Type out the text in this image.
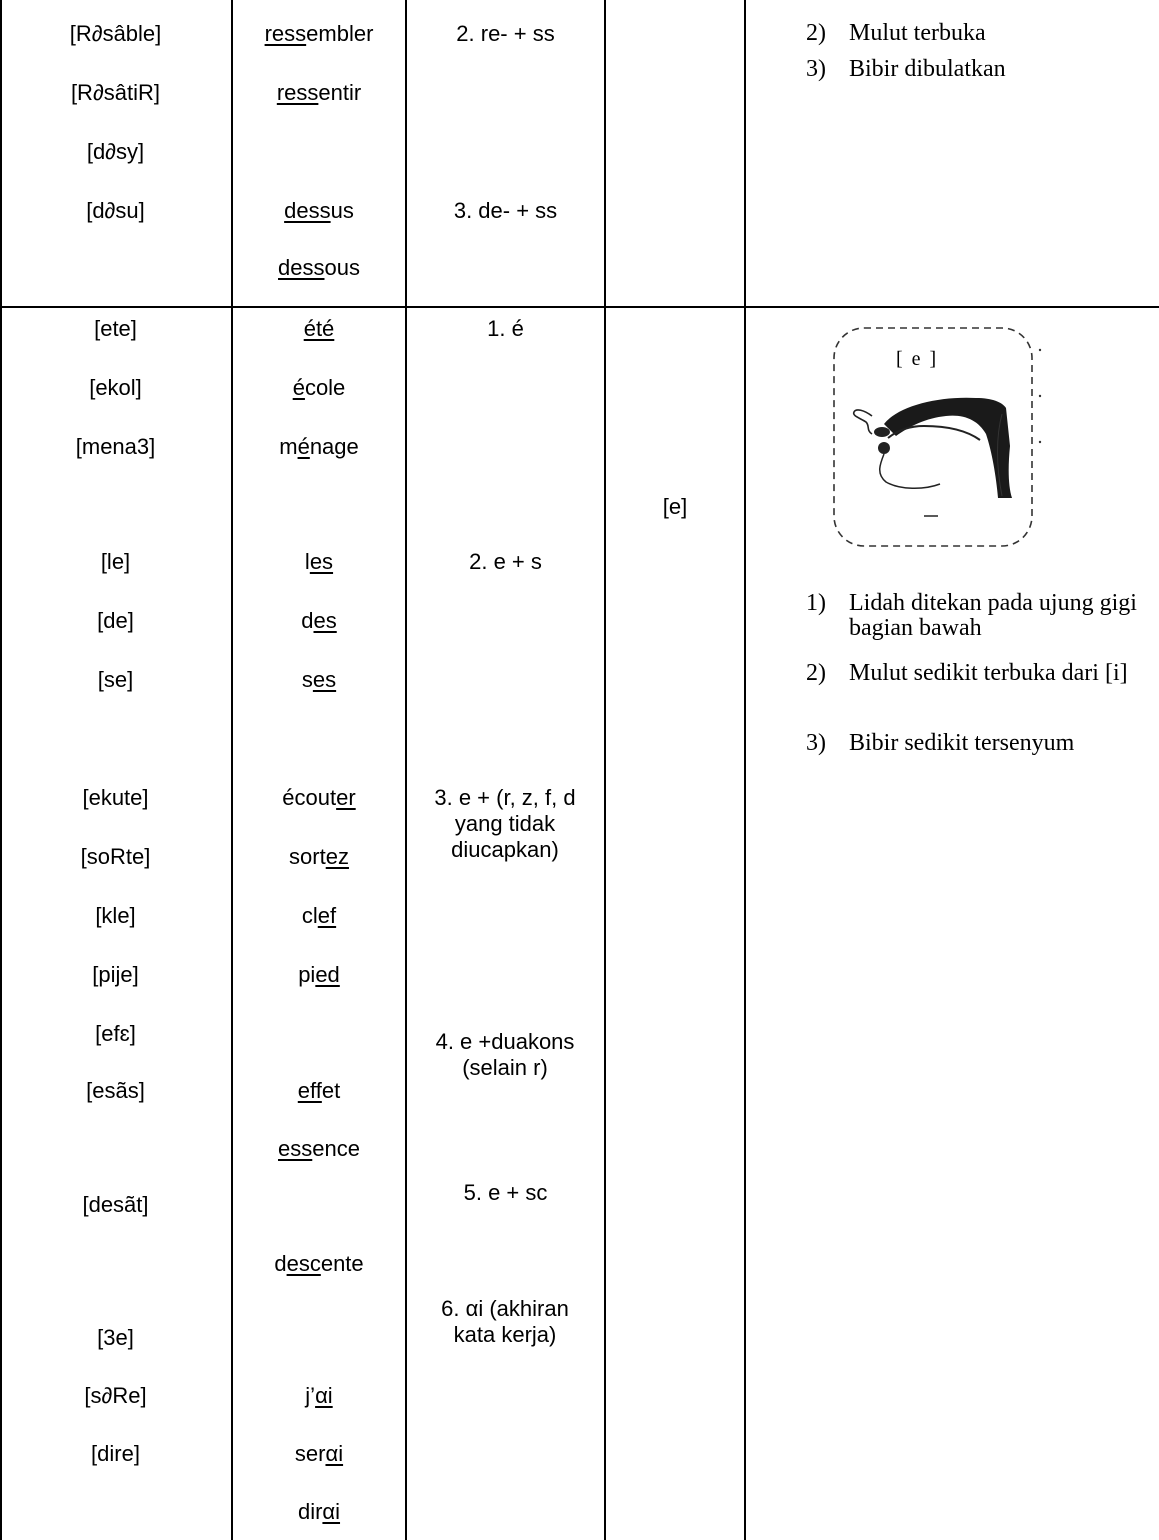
[R∂sâble]
[R∂sâtiR]
[d∂sy]
[d∂su]
ressembler
ressentir
dessus
dessous
2. re- + ss
3. de- + ss
2) Mulut terbuka
3) Bibir dibulatkan
[ete]
[ekol]
[mena3]
[le]
[de]
[se]
[ekute]
[soRte]
[kle]
[pije]
[efɛ]
[esãs]
[desãt]
[3e]
[s∂Re]
[dire]
été
école
ménage
les
des
ses
écouter
sortez
clef
pied
effet
essence
descente
j’αi
serαi
dirαi
1. é
2. e + s
3. e + (r, z, f, d yang tidak diucapkan)
4. e +duakons (selain r)
5. e + sc
6. αi (akhiran kata kerja)
[e]
[ e ]
1) Lidah ditekan pada ujung gigi bagian bawah
2) Mulut sedikit terbuka dari [i]
3) Bibir sedikit tersenyum
